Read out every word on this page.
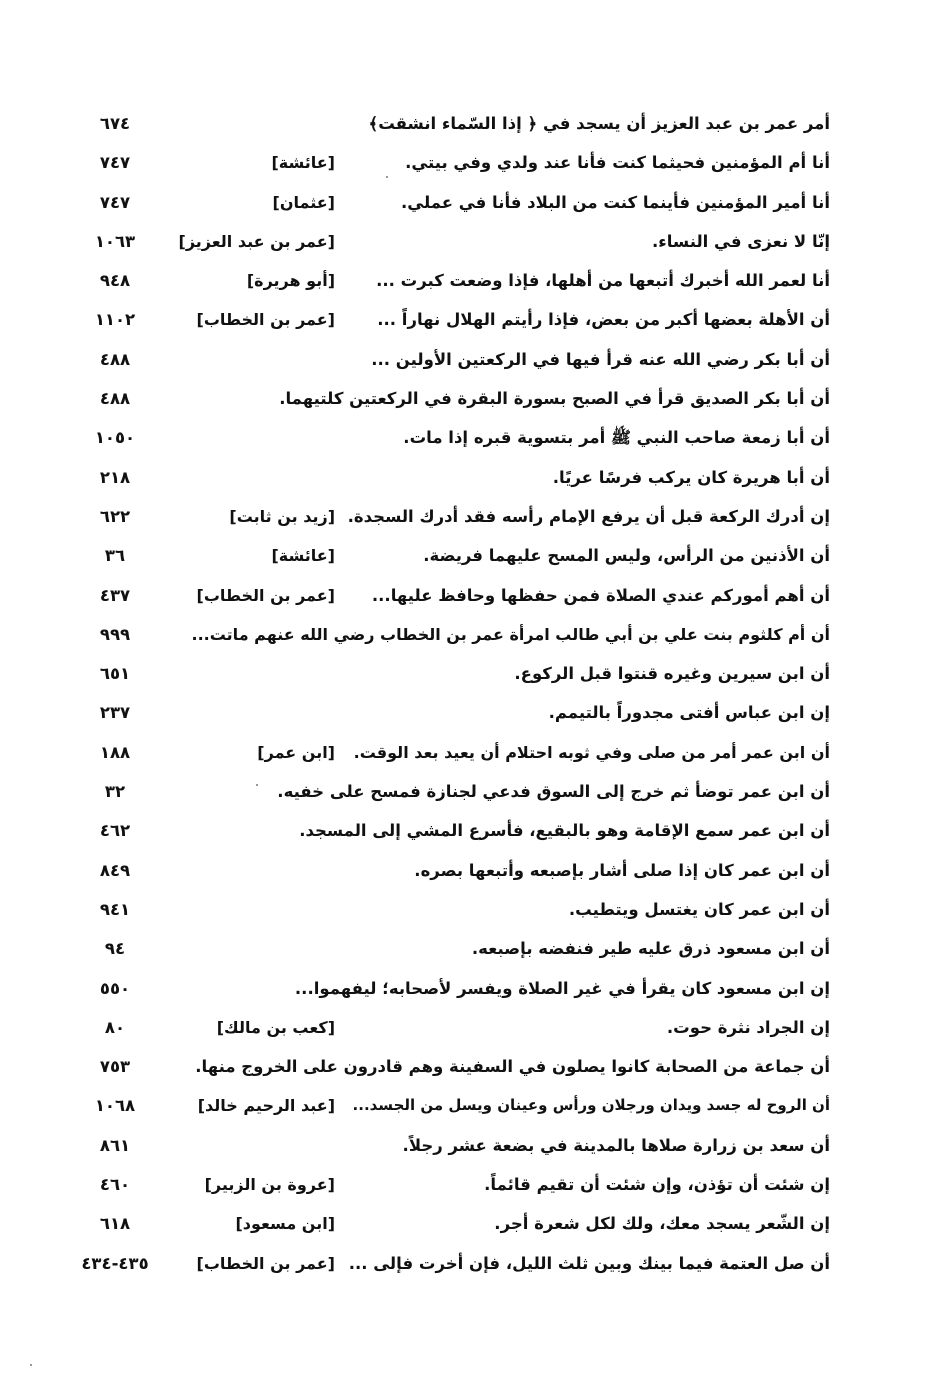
أمر عمر بن عبد العزيز أن يسجد في ﴿ إذا السّماء انشقت﴾
٦٧٤
أنا أم المؤمنين فحيثما كنت فأنا عند ولدي وفي بيتي.
[عائشة]
٧٤٧
أنا أمير المؤمنين فأينما كنت من البلاد فأنا في عملي.
[عثمان]
٧٤٧
إنّا لا نعزى في النساء.
[عمر بن عبد العزيز]
١٠٦٣
أنا لعمر الله أخبرك أتبعها من أهلها، فإذا وضعت كبرت ...
[أبو هريرة]
٩٤٨
أن الأهلة بعضها أكبر من بعض، فإذا رأيتم الهلال نهاراً ...
[عمر بن الخطاب]
١١٠٢
أن أبا بكر رضي الله عنه قرأ فيها في الركعتين الأولين ...
٤٨٨
أن أبا بكر الصديق قرأ في الصبح بسورة البقرة في الركعتين كلتيهما.
٤٨٨
أن أبا زمعة صاحب النبي ﷺ أمر بتسوية قبره إذا مات.
١٠٥٠
أن أبا هريرة كان يركب فرسًا عريًا.
٢١٨
إن أدرك الركعة قبل أن يرفع الإمام رأسه فقد أدرك السجدة.
[زيد بن ثابت]
٦٢٢
أن الأذنين من الرأس، وليس المسح عليهما فريضة.
[عائشة]
٣٦
أن أهم أموركم عندي الصلاة فمن حفظها وحافظ عليها...
[عمر بن الخطاب]
٤٣٧
أن أم كلثوم بنت علي بن أبي طالب امرأة عمر بن الخطاب رضي الله عنهم ماتت...
٩٩٩
أن ابن سيرين وغيره قنتوا قبل الركوع.
٦٥١
إن ابن عباس أفتى مجدوراً بالتيمم.
٢٣٧
أن ابن عمر أمر من صلى وفي ثوبه احتلام أن يعيد بعد الوقت.
[ابن عمر]
١٨٨
أن ابن عمر توضأ ثم خرج إلى السوق فدعي لجنازة فمسح على خفيه.
٣٢
أن ابن عمر سمع الإقامة وهو بالبقيع، فأسرع المشي إلى المسجد.
٤٦٢
أن ابن عمر كان إذا صلى أشار بإصبعه وأتبعها بصره.
٨٤٩
أن ابن عمر كان يغتسل ويتطيب.
٩٤١
أن ابن مسعود ذرق عليه طير فنفضه بإصبعه.
٩٤
إن ابن مسعود كان يقرأ في غير الصلاة ويفسر لأصحابه؛ ليفهموا...
٥٥٠
إن الجراد نثرة حوت.
[كعب بن مالك]
٨٠
أن جماعة من الصحابة كانوا يصلون في السفينة وهم قادرون على الخروج منها.
٧٥٣
أن الروح له جسد ويدان ورجلان ورأس وعينان ويسل من الجسد...
[عبد الرحيم خالد]
١٠٦٨
أن سعد بن زرارة صلاها بالمدينة في بضعة عشر رجلاً.
٨٦١
إن شئت أن تؤذن، وإن شئت أن تقيم قائماً.
[عروة بن الزبير]
٤٦٠
إن الشّعر يسجد معك، ولك لكل شعرة أجر.
[ابن مسعود]
٦١٨
أن صل العتمة فيما بينك وبين ثلث الليل، فإن أخرت فإلى ...
[عمر بن الخطاب]
٤٣٥-٤٣٤
